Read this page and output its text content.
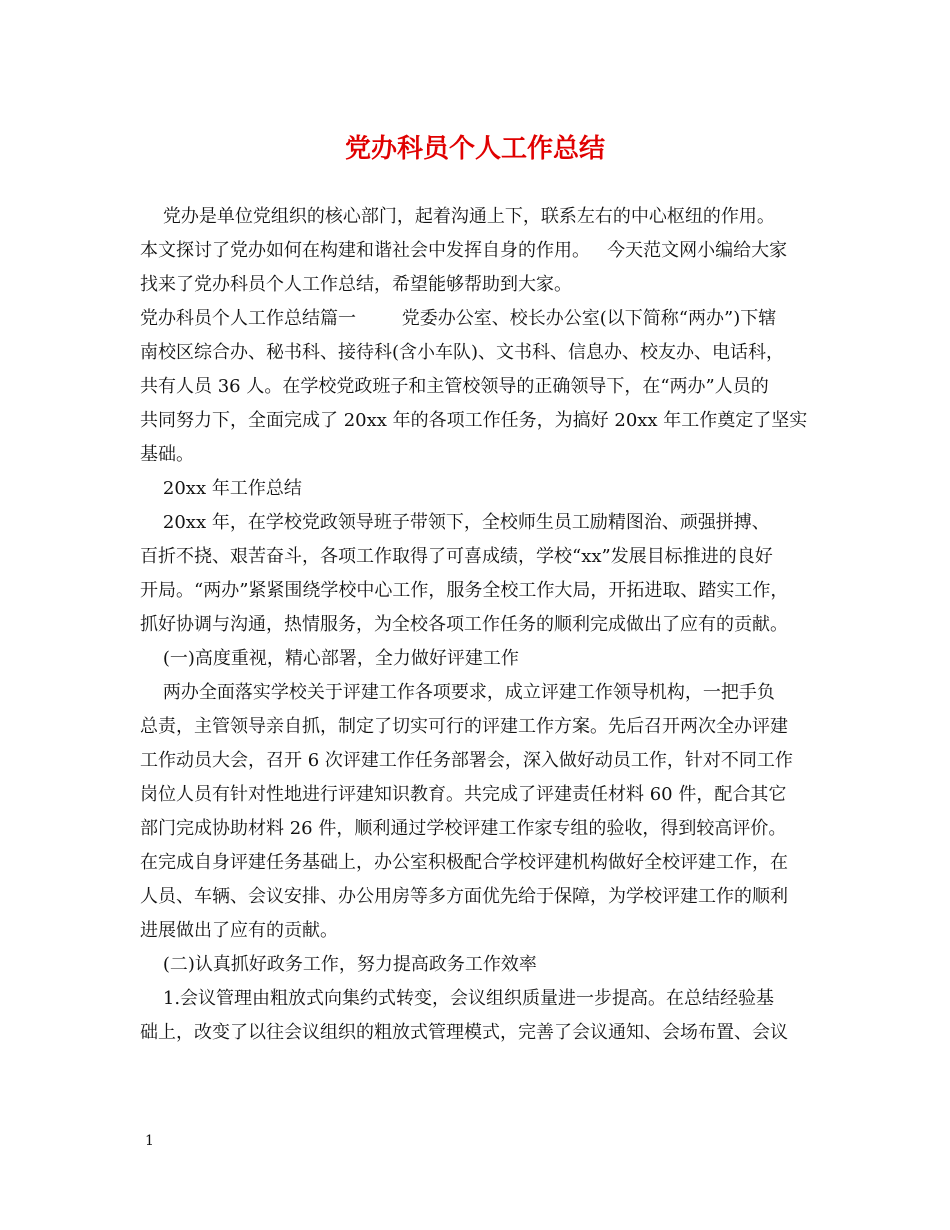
党办科员个人工作总结
党办是单位党组织的核心部门，起着沟通上下，联系左右的中心枢纽的作用。
本文探讨了党办如何在构建和谐社会中发挥自身的作用。   今天范文网小编给大家
找来了党办科员个人工作总结，希望能够帮助到大家。
党办科员个人工作总结篇一        党委办公室、校长办公室(以下简称“两办”)下辖
南校区综合办、秘书科、接待科(含小车队)、文书科、信息办、校友办、电话科，
共有人员 36 人。在学校党政班子和主管校领导的正确领导下，在“两办”人员的
共同努力下，全面完成了 20xx 年的各项工作任务，为搞好 20xx 年工作奠定了坚实
基础。
20xx 年工作总结
20xx 年，在学校党政领导班子带领下，全校师生员工励精图治、顽强拼搏、
百折不挠、艰苦奋斗，各项工作取得了可喜成绩，学校“xx”发展目标推进的良好
开局。“两办”紧紧围绕学校中心工作，服务全校工作大局，开拓进取、踏实工作，
抓好协调与沟通，热情服务，为全校各项工作任务的顺利完成做出了应有的贡献。
(一)高度重视，精心部署，全力做好评建工作
两办全面落实学校关于评建工作各项要求，成立评建工作领导机构，一把手负
总责，主管领导亲自抓，制定了切实可行的评建工作方案。先后召开两次全办评建
工作动员大会，召开 6 次评建工作任务部署会，深入做好动员工作，针对不同工作
岗位人员有针对性地进行评建知识教育。共完成了评建责任材料 60 件，配合其它
部门完成协助材料 26 件，顺利通过学校评建工作家专组的验收，得到较高评价。
在完成自身评建任务基础上，办公室积极配合学校评建机构做好全校评建工作，在
人员、车辆、会议安排、办公用房等多方面优先给于保障，为学校评建工作的顺利
进展做出了应有的贡献。
(二)认真抓好政务工作，努力提高政务工作效率
1.会议管理由粗放式向集约式转变，会议组织质量进一步提高。在总结经验基
础上，改变了以往会议组织的粗放式管理模式，完善了会议通知、会场布置、会议
1
